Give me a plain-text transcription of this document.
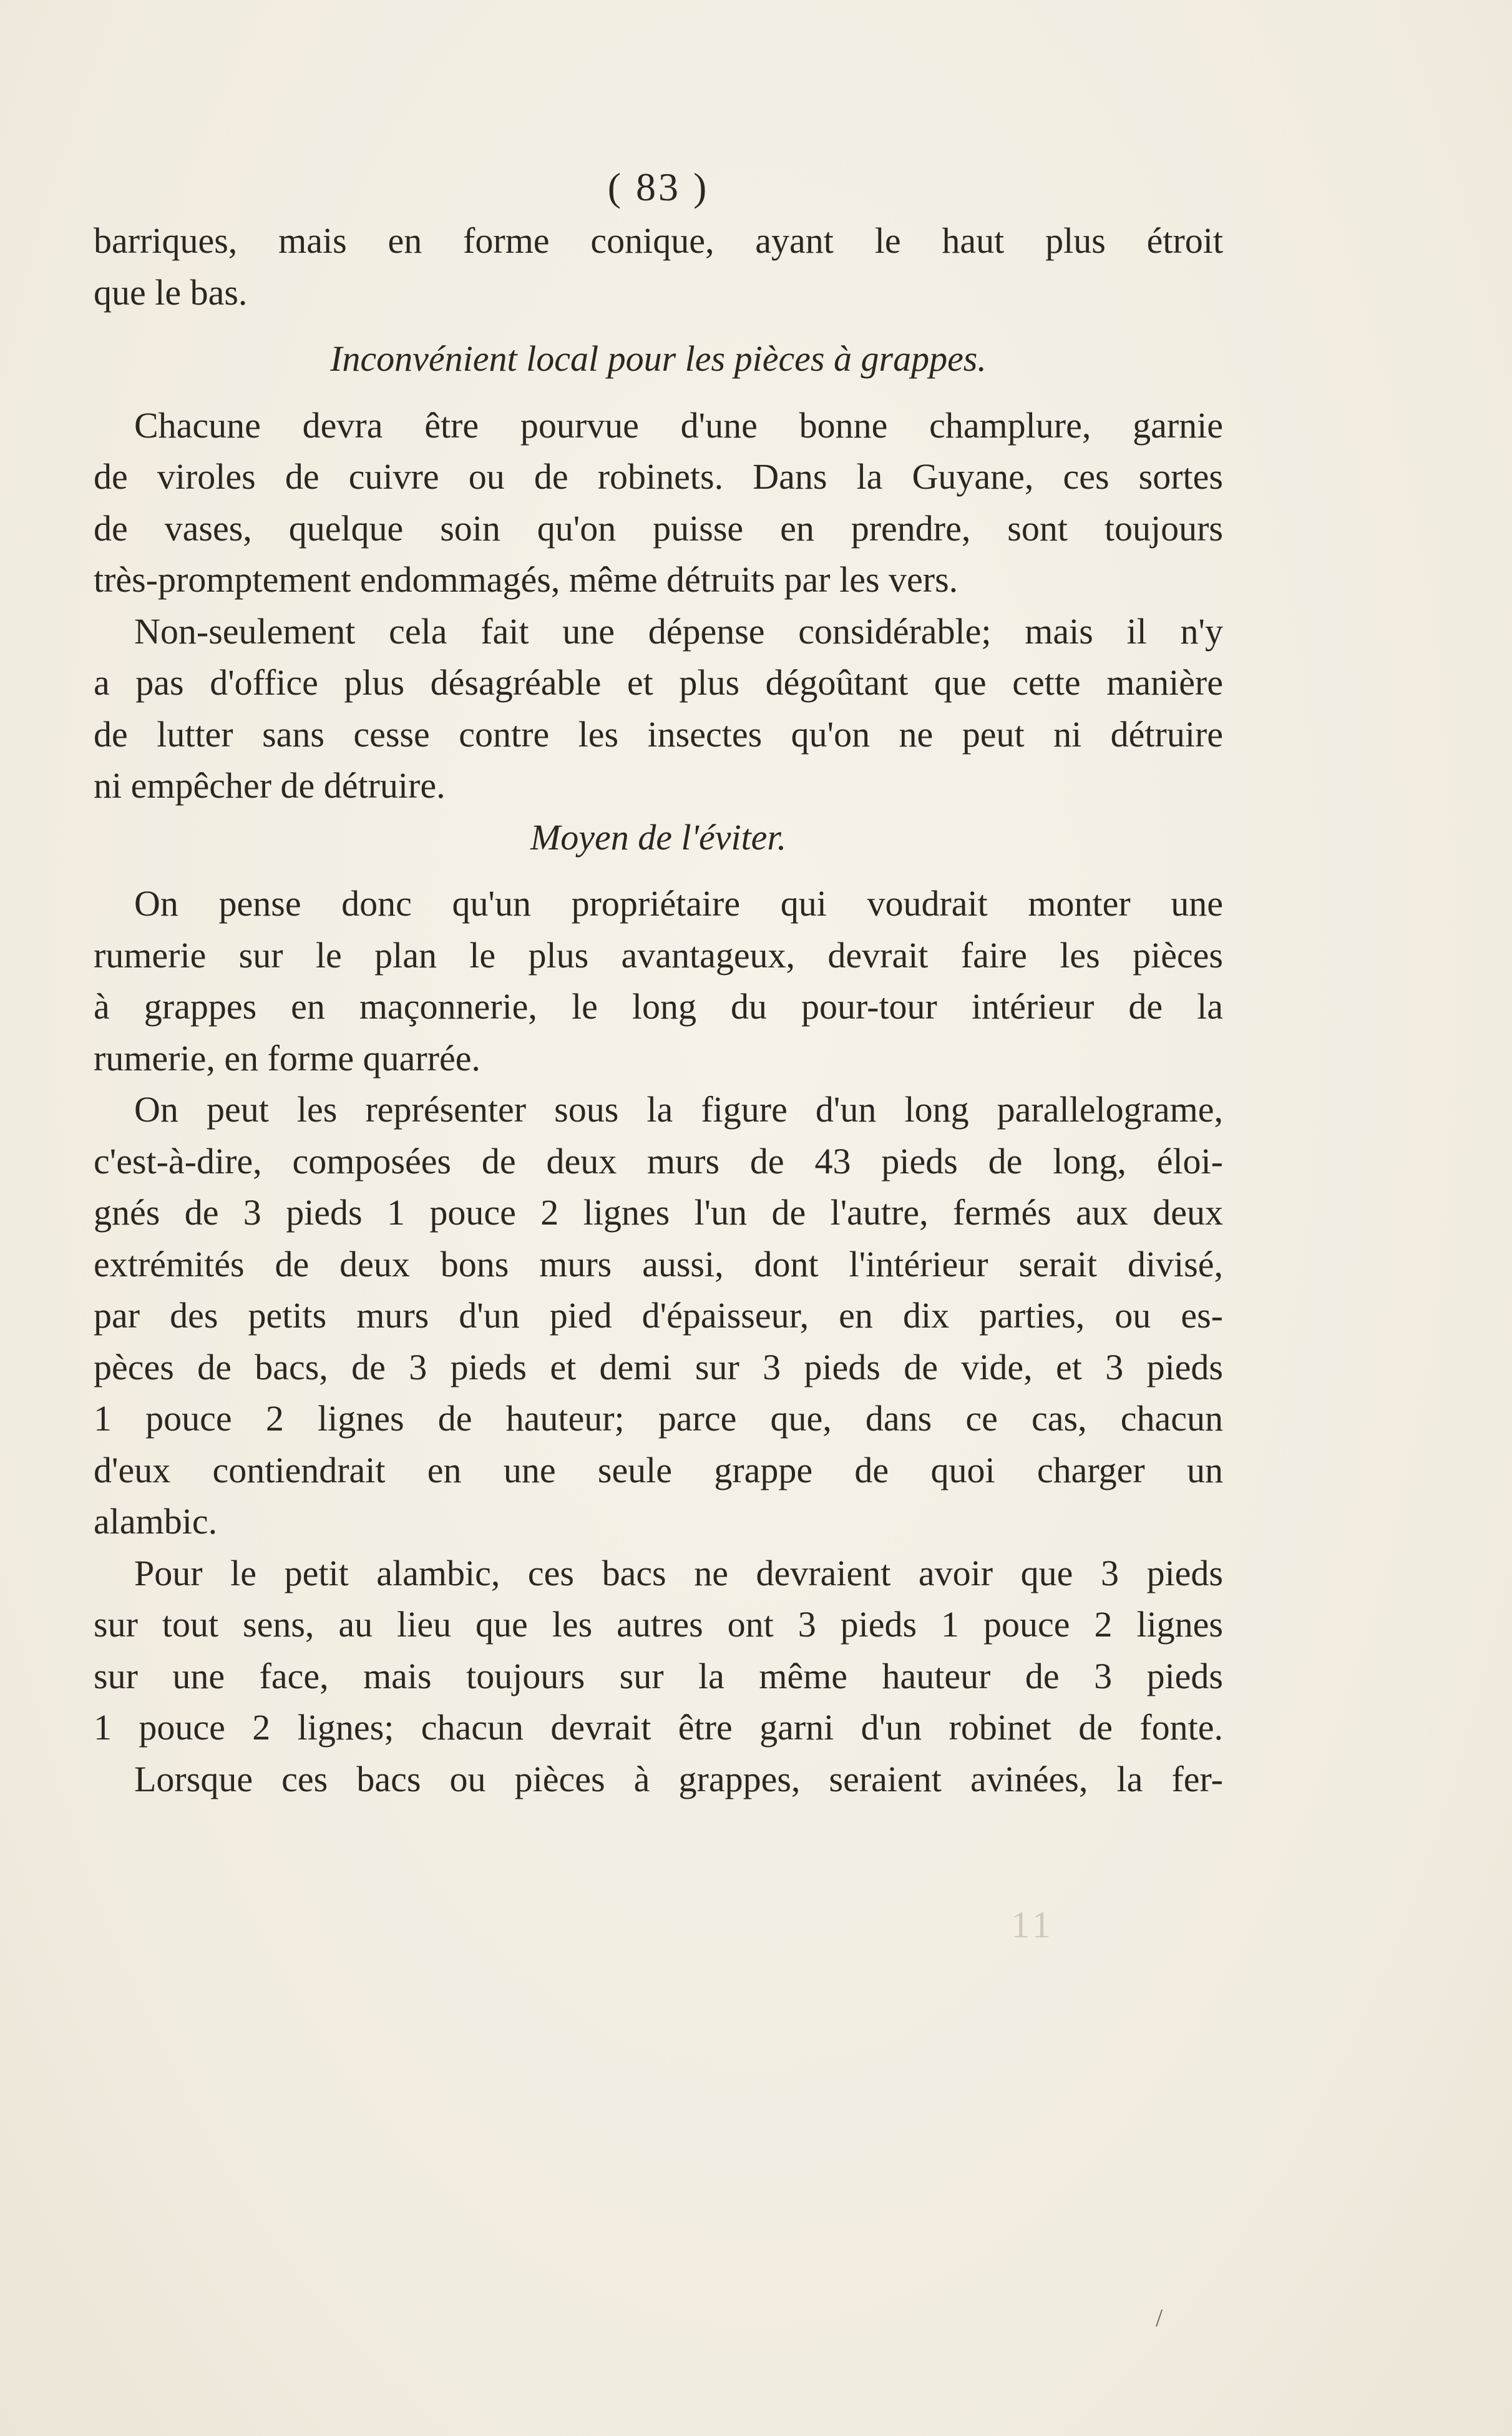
( 83 )
barriques, mais en forme conique, ayant le haut plus étroit
que le bas.
Inconvénient local pour les pièces à grappes.
Chacune devra être pourvue d'une bonne champlure, garnie
de viroles de cuivre ou de robinets. Dans la Guyane, ces sortes
de vases, quelque soin qu'on puisse en prendre, sont toujours
très-promptement endommagés, même détruits par les vers.
Non-seulement cela fait une dépense considérable; mais il n'y
a pas d'office plus désagréable et plus dégoûtant que cette manière
de lutter sans cesse contre les insectes qu'on ne peut ni détruire
ni empêcher de détruire.
Moyen de l'éviter.
On pense donc qu'un propriétaire qui voudrait monter une
rumerie sur le plan le plus avantageux, devrait faire les pièces
à grappes en maçonnerie, le long du pour-tour intérieur de la
rumerie, en forme quarrée.
On peut les représenter sous la figure d'un long parallelograme,
c'est-à-dire, composées de deux murs de 43 pieds de long, éloi-
gnés de 3 pieds 1 pouce 2 lignes l'un de l'autre, fermés aux deux
extrémités de deux bons murs aussi, dont l'intérieur serait divisé,
par des petits murs d'un pied d'épaisseur, en dix parties, ou es-
pèces de bacs, de 3 pieds et demi sur 3 pieds de vide, et 3 pieds
1 pouce 2 lignes de hauteur; parce que, dans ce cas, chacun
d'eux contiendrait en une seule grappe de quoi charger un
alambic.
Pour le petit alambic, ces bacs ne devraient avoir que 3 pieds
sur tout sens, au lieu que les autres ont 3 pieds 1 pouce 2 lignes
sur une face, mais toujours sur la même hauteur de 3 pieds
1 pouce 2 lignes; chacun devrait être garni d'un robinet de fonte.
Lorsque ces bacs ou pièces à grappes, seraient avinées, la fer-
11
/
